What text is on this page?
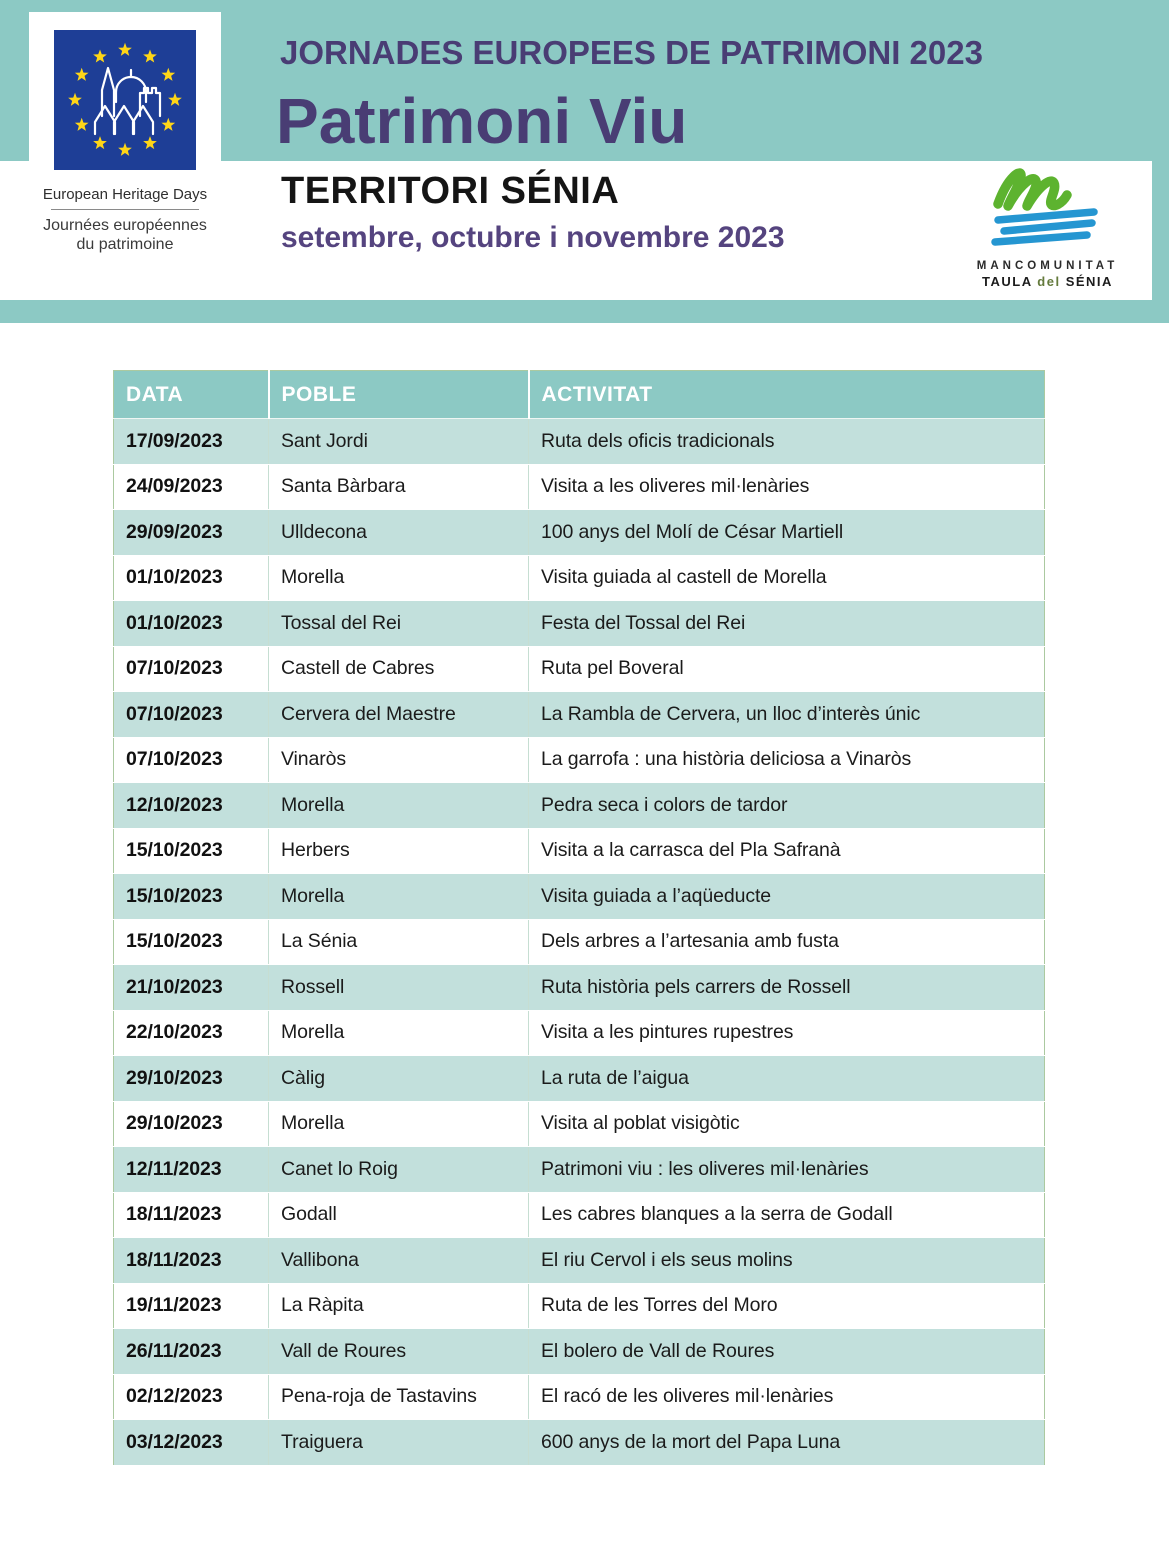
European Heritage Days
Journées européennes
du patrimoine
JORNADES EUROPEES DE PATRIMONI 2023
Patrimoni Viu
TERRITORI SÉNIA
setembre, octubre i novembre 2023
MANCOMUNITAT
TAULA del SÉNIA
DATA	POBLE	ACTIVITAT
17/09/2023	Sant Jordi	Ruta dels oficis tradicionals
24/09/2023	Santa Bàrbara	Visita a les oliveres mil·lenàries
29/09/2023	Ulldecona	100 anys del Molí de César Martiell
01/10/2023	Morella	Visita guiada al castell de Morella
01/10/2023	Tossal del Rei	Festa del Tossal del Rei
07/10/2023	Castell de Cabres	Ruta pel Boveral
07/10/2023	Cervera del Maestre	La Rambla de Cervera, un lloc d’interès únic
07/10/2023	Vinaròs	La garrofa : una història deliciosa a Vinaròs
12/10/2023	Morella	Pedra seca i colors de tardor
15/10/2023	Herbers	Visita a la carrasca del Pla Safranà
15/10/2023	Morella	Visita guiada a l’aqüeducte
15/10/2023	La Sénia	Dels arbres a l’artesania amb fusta
21/10/2023	Rossell	Ruta història pels carrers de Rossell
22/10/2023	Morella	Visita a les pintures rupestres
29/10/2023	Càlig	La ruta de l’aigua
29/10/2023	Morella	Visita al poblat visigòtic
12/11/2023	Canet lo Roig	Patrimoni viu : les oliveres mil·lenàries
18/11/2023	Godall	Les cabres blanques a la serra de Godall
18/11/2023	Vallibona	El riu Cervol i els seus molins
19/11/2023	La Ràpita	Ruta de les Torres del Moro
26/11/2023	Vall de Roures	El bolero de Vall de Roures
02/12/2023	Pena-roja de Tastavins	El racó de les oliveres mil·lenàries
03/12/2023	Traiguera	600 anys de la mort del Papa Luna
